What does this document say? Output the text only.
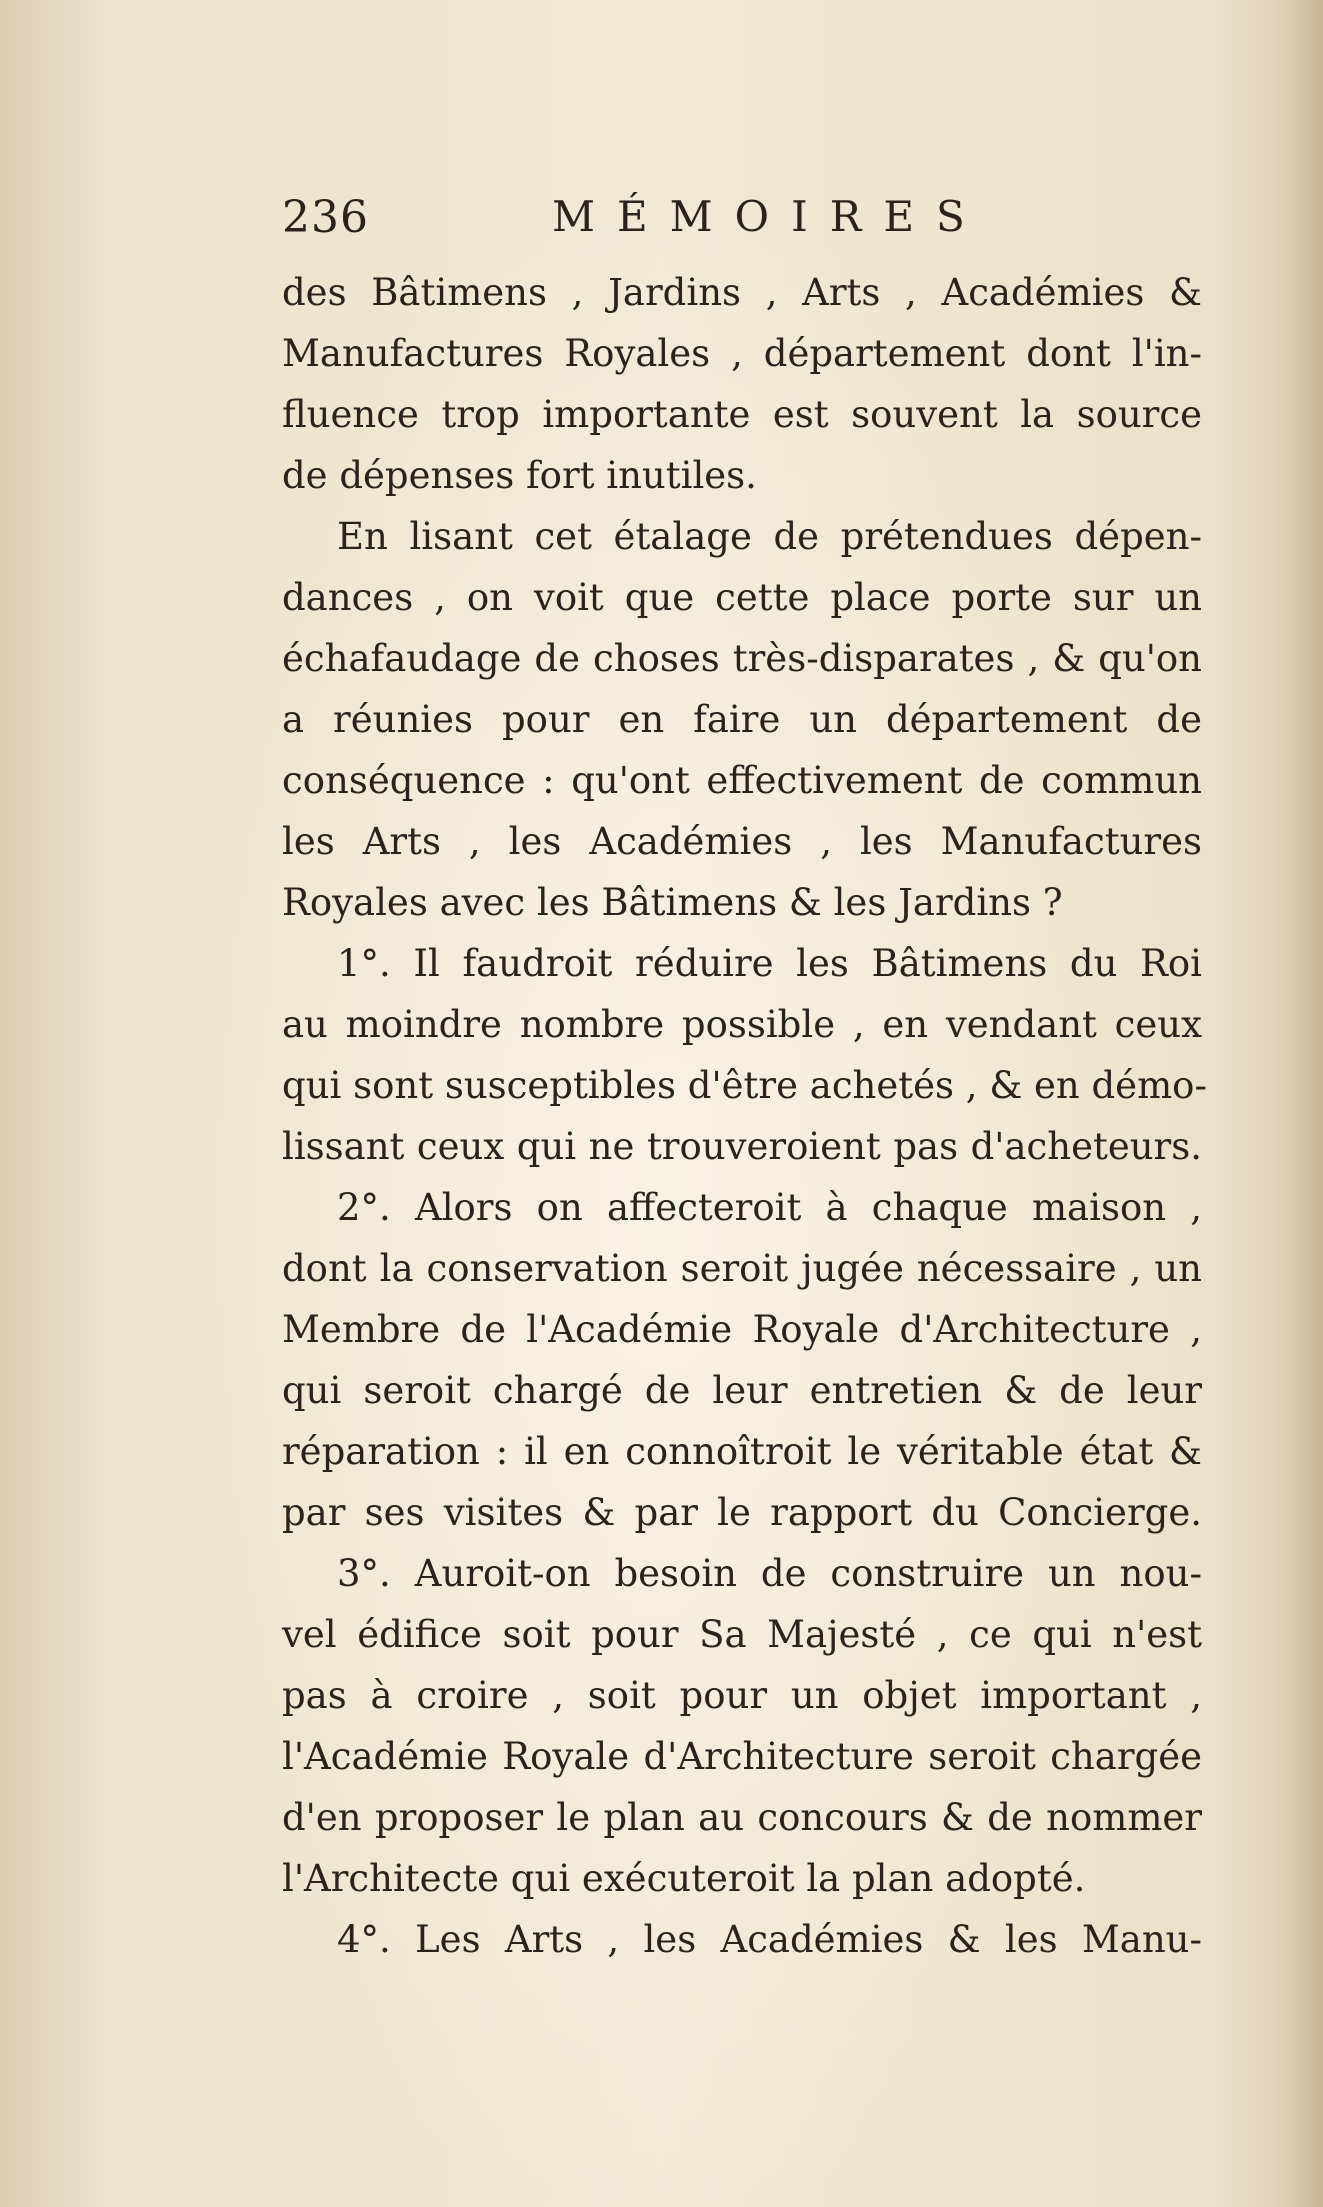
236	MÉMOIRES
des Bâtimens , Jardins , Arts , Académies &
Manufactures Royales , département dont l'in-
fluence trop importante est souvent la source
de dépenses fort inutiles.
En lisant cet étalage de prétendues dépen-
dances , on voit que cette place porte sur un
échafaudage de choses très-disparates , & qu'on
a réunies pour en faire un département de
conséquence : qu'ont effectivement de commun
les Arts , les Académies , les Manufactures
Royales avec les Bâtimens & les Jardins ?
1°. Il faudroit réduire les Bâtimens du Roi
au moindre nombre possible , en vendant ceux
qui sont susceptibles d'être achetés , & en démo-
lissant ceux qui ne trouveroient pas d'acheteurs.
2°. Alors on affecteroit à chaque maison ,
dont la conservation seroit jugée nécessaire , un
Membre de l'Académie Royale d'Architecture ,
qui seroit chargé de leur entretien & de leur
réparation : il en connoîtroit le véritable état &
par ses visites & par le rapport du Concierge.
3°. Auroit-on besoin de construire un nou-
vel édifice soit pour Sa Majesté , ce qui n'est
pas à croire , soit pour un objet important ,
l'Académie Royale d'Architecture seroit chargée
d'en proposer le plan au concours & de nommer
l'Architecte qui exécuteroit la plan adopté.
4°. Les Arts , les Académies & les Manu-
